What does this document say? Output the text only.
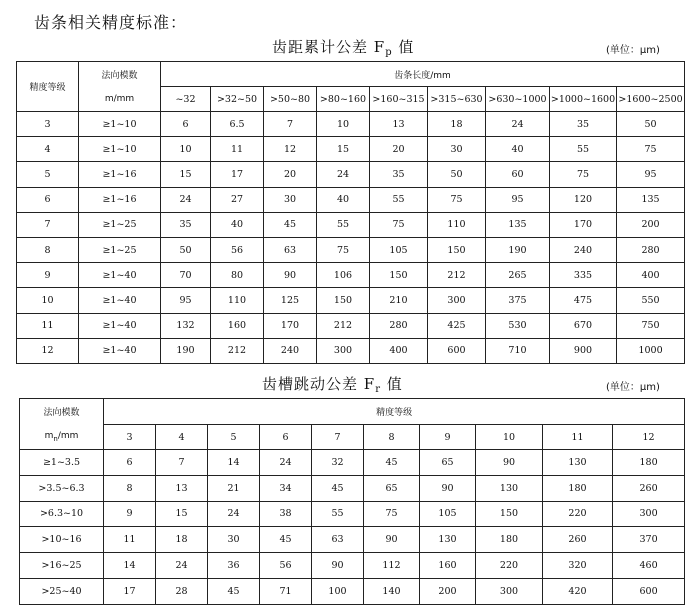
齿条相关精度标准：
齿距累计公差 $F_p$ 值	(单位：μm)
精度等级	法向模数	齿条长度/mm								
	m/mm	~32	>32~50	>50~80	>80~160	>160~315	>315~630	>630~1000	>1000~1600	>1600~2500
3	≥1~10	6	6.5	7	10	13	18	24	35	50
4	≥1~10	10	11	12	15	20	30	40	55	75
5	≥1~16	15	17	20	24	35	50	60	75	95
6	≥1~16	24	27	30	40	55	75	95	120	135
7	≥1~25	35	40	45	55	75	110	135	170	200
8	≥1~25	50	56	63	75	105	150	190	240	280
9	≥1~40	70	80	90	106	150	212	265	335	400
10	≥1~40	95	110	125	150	210	300	375	475	550
11	≥1~40	132	160	170	212	280	425	530	670	750
12	≥1~40	190	212	240	300	400	600	710	900	1000
齿槽跳动公差 $F_r$ 值	(单位：μm)
法向模数	精度等级									
$m_n/mm$	3	4	5	6	7	8	9	10	11	12
≥1~3.5	6	7	14	24	32	45	65	90	130	180
>3.5~6.3	8	13	21	34	45	65	90	130	180	260
>6.3~10	9	15	24	38	55	75	105	150	220	300
>10~16	11	18	30	45	63	90	130	180	260	370
>16~25	14	24	36	56	90	112	160	220	320	460
>25~40	17	28	45	71	100	140	200	300	420	600
